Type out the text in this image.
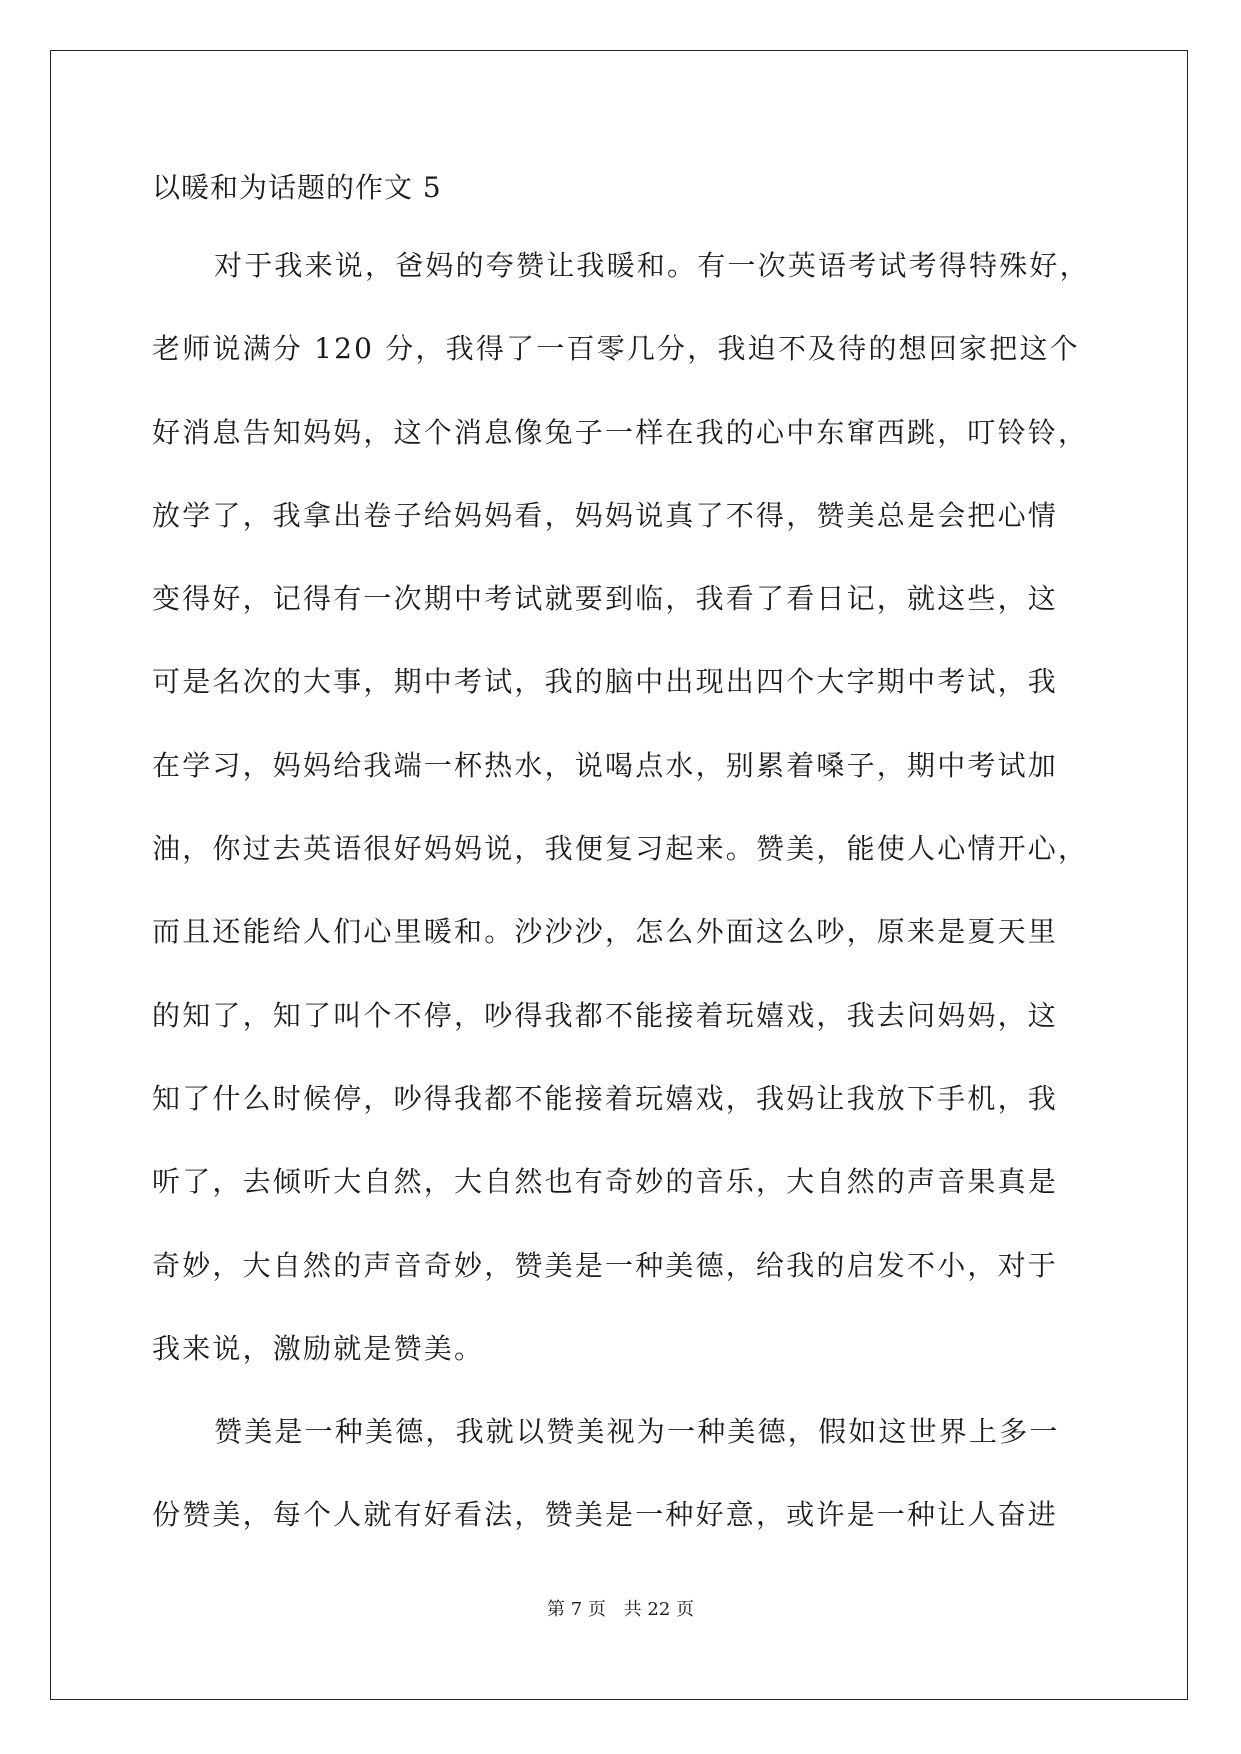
以暖和为话题的作文 5
对于我来说，爸妈的夸赞让我暖和。有一次英语考试考得特殊好，
老师说满分 120 分，我得了一百零几分，我迫不及待的想回家把这个
好消息告知妈妈，这个消息像兔子一样在我的心中东窜西跳，叮铃铃，
放学了，我拿出卷子给妈妈看，妈妈说真了不得，赞美总是会把心情
变得好，记得有一次期中考试就要到临，我看了看日记，就这些，这
可是名次的大事，期中考试，我的脑中出现出四个大字期中考试，我
在学习，妈妈给我端一杯热水，说喝点水，别累着嗓子，期中考试加
油，你过去英语很好妈妈说，我便复习起来。赞美，能使人心情开心，
而且还能给人们心里暖和。沙沙沙，怎么外面这么吵，原来是夏天里
的知了，知了叫个不停，吵得我都不能接着玩嬉戏，我去问妈妈，这
知了什么时候停，吵得我都不能接着玩嬉戏，我妈让我放下手机，我
听了，去倾听大自然，大自然也有奇妙的音乐，大自然的声音果真是
奇妙，大自然的声音奇妙，赞美是一种美德，给我的启发不小，对于
我来说，激励就是赞美。
赞美是一种美德，我就以赞美视为一种美德，假如这世界上多一
份赞美，每个人就有好看法，赞美是一种好意，或许是一种让人奋进
第 7 页 共 22 页
